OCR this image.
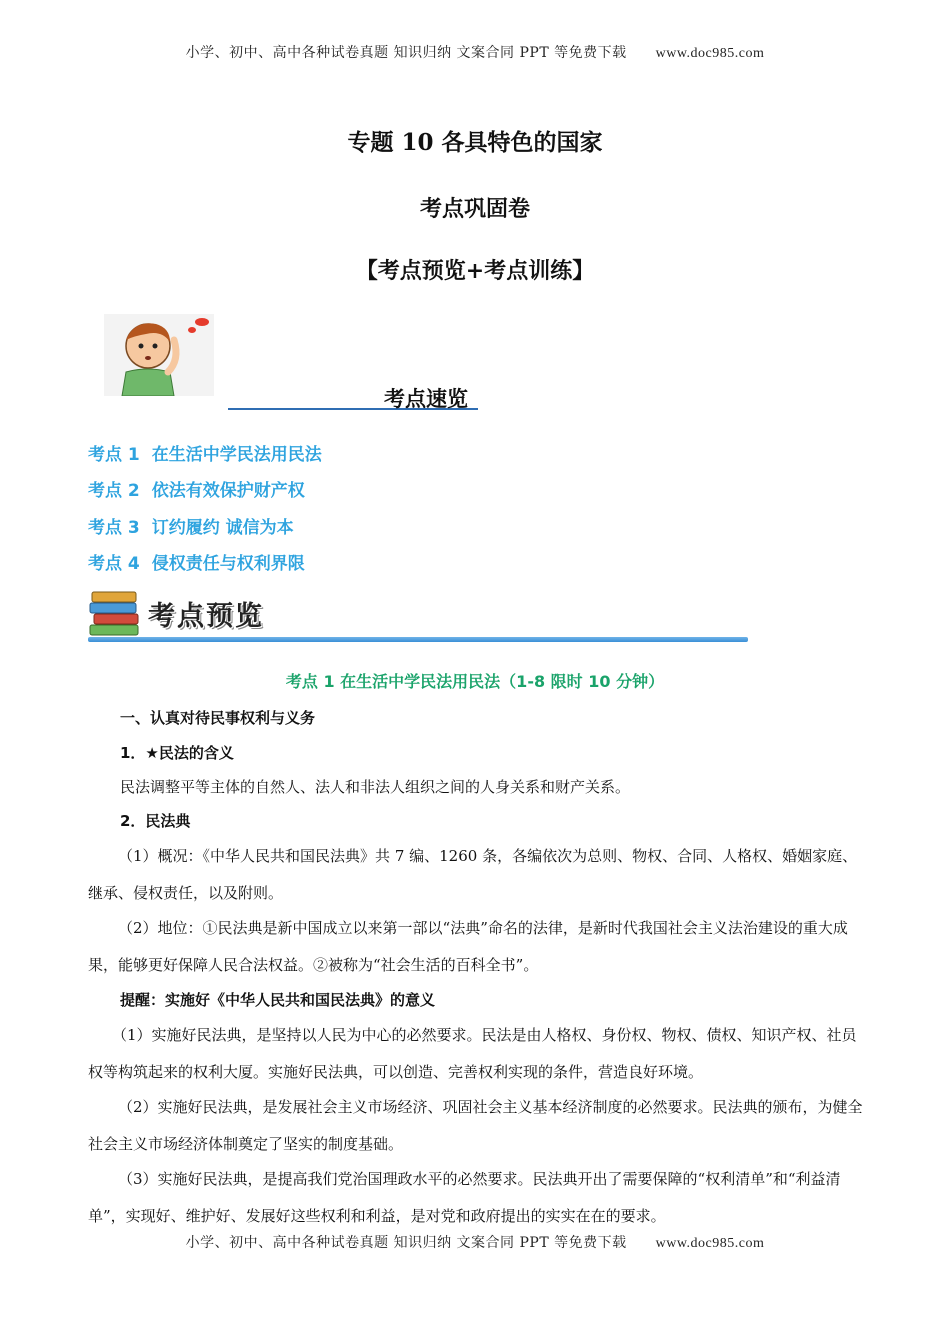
小学、初中、高中各种试卷真题 知识归纳 文案合同 PPT 等免费下载 www.doc985.com
专题 10 各具特色的国家
考点巩固卷
【考点预览+考点训练】
考点速览
考点 1 在生活中学民法用民法
考点 2 依法有效保护财产权
考点 3 订约履约 诚信为本
考点 4 侵权责任与权利界限
考点预览
考点 1 在生活中学民法用民法（1-8 限时 10 分钟）
一、认真对待民事权利与义务
1．★民法的含义
民法调整平等主体的自然人、法人和非法人组织之间的人身关系和财产关系。
2．民法典
（1）概况：《中华人民共和国民法典》共 7 编、1260 条，各编依次为总则、物权、合同、人格权、婚姻家庭、继承、侵权责任，以及附则。
（2）地位：①民法典是新中国成立以来第一部以“法典”命名的法律，是新时代我国社会主义法治建设的重大成果，能够更好保障人民合法权益。②被称为“社会生活的百科全书”。
提醒：实施好《中华人民共和国民法典》的意义
（1）实施好民法典，是坚持以人民为中心的必然要求。民法是由人格权、身份权、物权、债权、知识产权、社员权等构筑起来的权利大厦。实施好民法典，可以创造、完善权利实现的条件，营造良好环境。
（2）实施好民法典，是发展社会主义市场经济、巩固社会主义基本经济制度的必然要求。民法典的颁布，为健全社会主义市场经济体制奠定了坚实的制度基础。
（3）实施好民法典，是提高我们党治国理政水平的必然要求。民法典开出了需要保障的“权利清单”和“利益清单”，实现好、维护好、发展好这些权利和利益，是对党和政府提出的实实在在的要求。
小学、初中、高中各种试卷真题 知识归纳 文案合同 PPT 等免费下载 www.doc985.com
